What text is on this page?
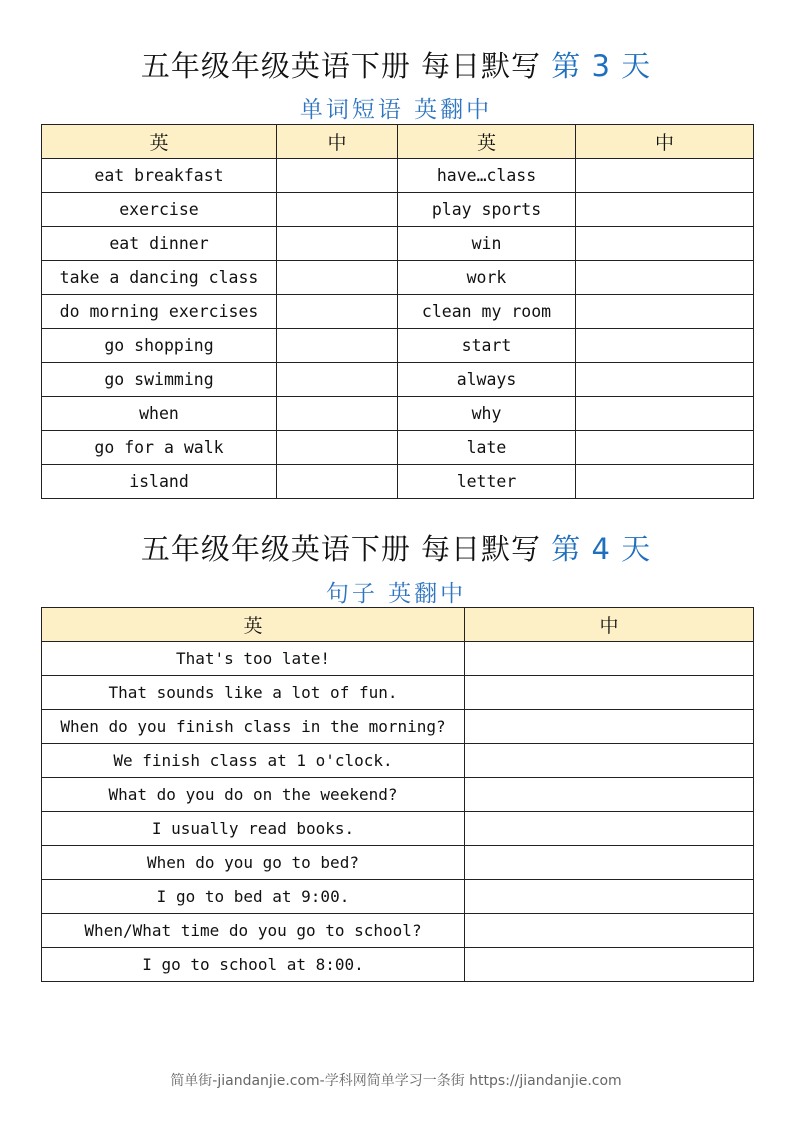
五年级年级英语下册 每日默写 第 3 天
单词短语 英翻中
英	中	英	中
eat breakfast		have…class	
exercise		play sports	
eat dinner		win	
take a dancing class		work	
do morning exercises		clean my room	
go shopping		start	
go swimming		always	
when		why	
go for a walk		late	
island		letter	
五年级年级英语下册 每日默写 第 4 天
句子 英翻中
英	中
That's too late!	
That sounds like a lot of fun.	
When do you finish class in the morning?	
We finish class at 1 o'clock.	
What do you do on the weekend?	
I usually read books.	
When do you go to bed?	
I go to bed at 9:00.	
When/What time do you go to school?	
I go to school at 8:00.	
简单街-jiandanjie.com-学科网简单学习一条街 https://jiandanjie.com
